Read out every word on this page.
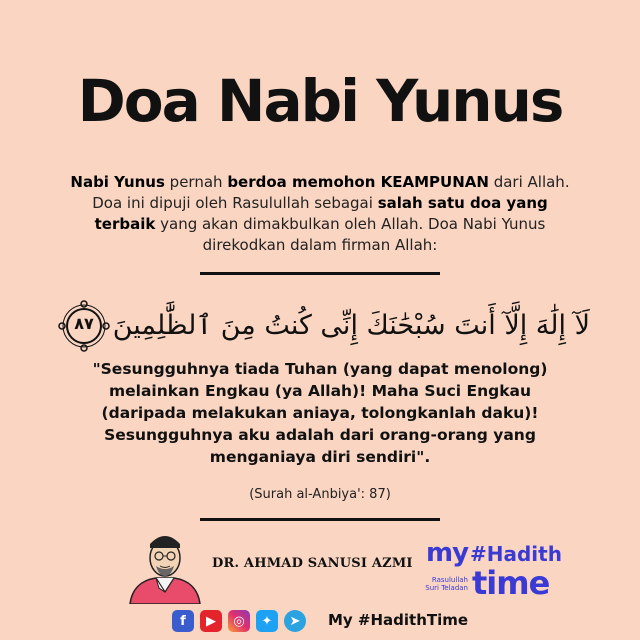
Doa Nabi Yunus
Nabi Yunus pernah berdoa memohon KEAMPUNAN dari Allah. Doa ini dipuji oleh Rasulullah sebagai salah satu doa yang terbaik yang akan dimakbulkan oleh Allah. Doa Nabi Yunus direkodkan dalam firman Allah:
٨٧ لَآ إِلَٰهَ إِلَّآ أَنتَ سُبْحَٰنَكَ إِنِّى كُنتُ مِنَ ٱلظَّٰلِمِينَ
"Sesungguhnya tiada Tuhan (yang dapat menolong) melainkan Engkau (ya Allah)! Maha Suci Engkau (daripada melakukan aniaya, tolongkanlah daku)! Sesungguhnya aku adalah dari orang-orang yang menganiaya diri sendiri".
(Surah al-Anbiya': 87)
DR. AHMAD SANUSI AZMI my #Hadith
Rasulullah Suri Teladan time
f	▶	◎	✦	➤	My #HadithTime
